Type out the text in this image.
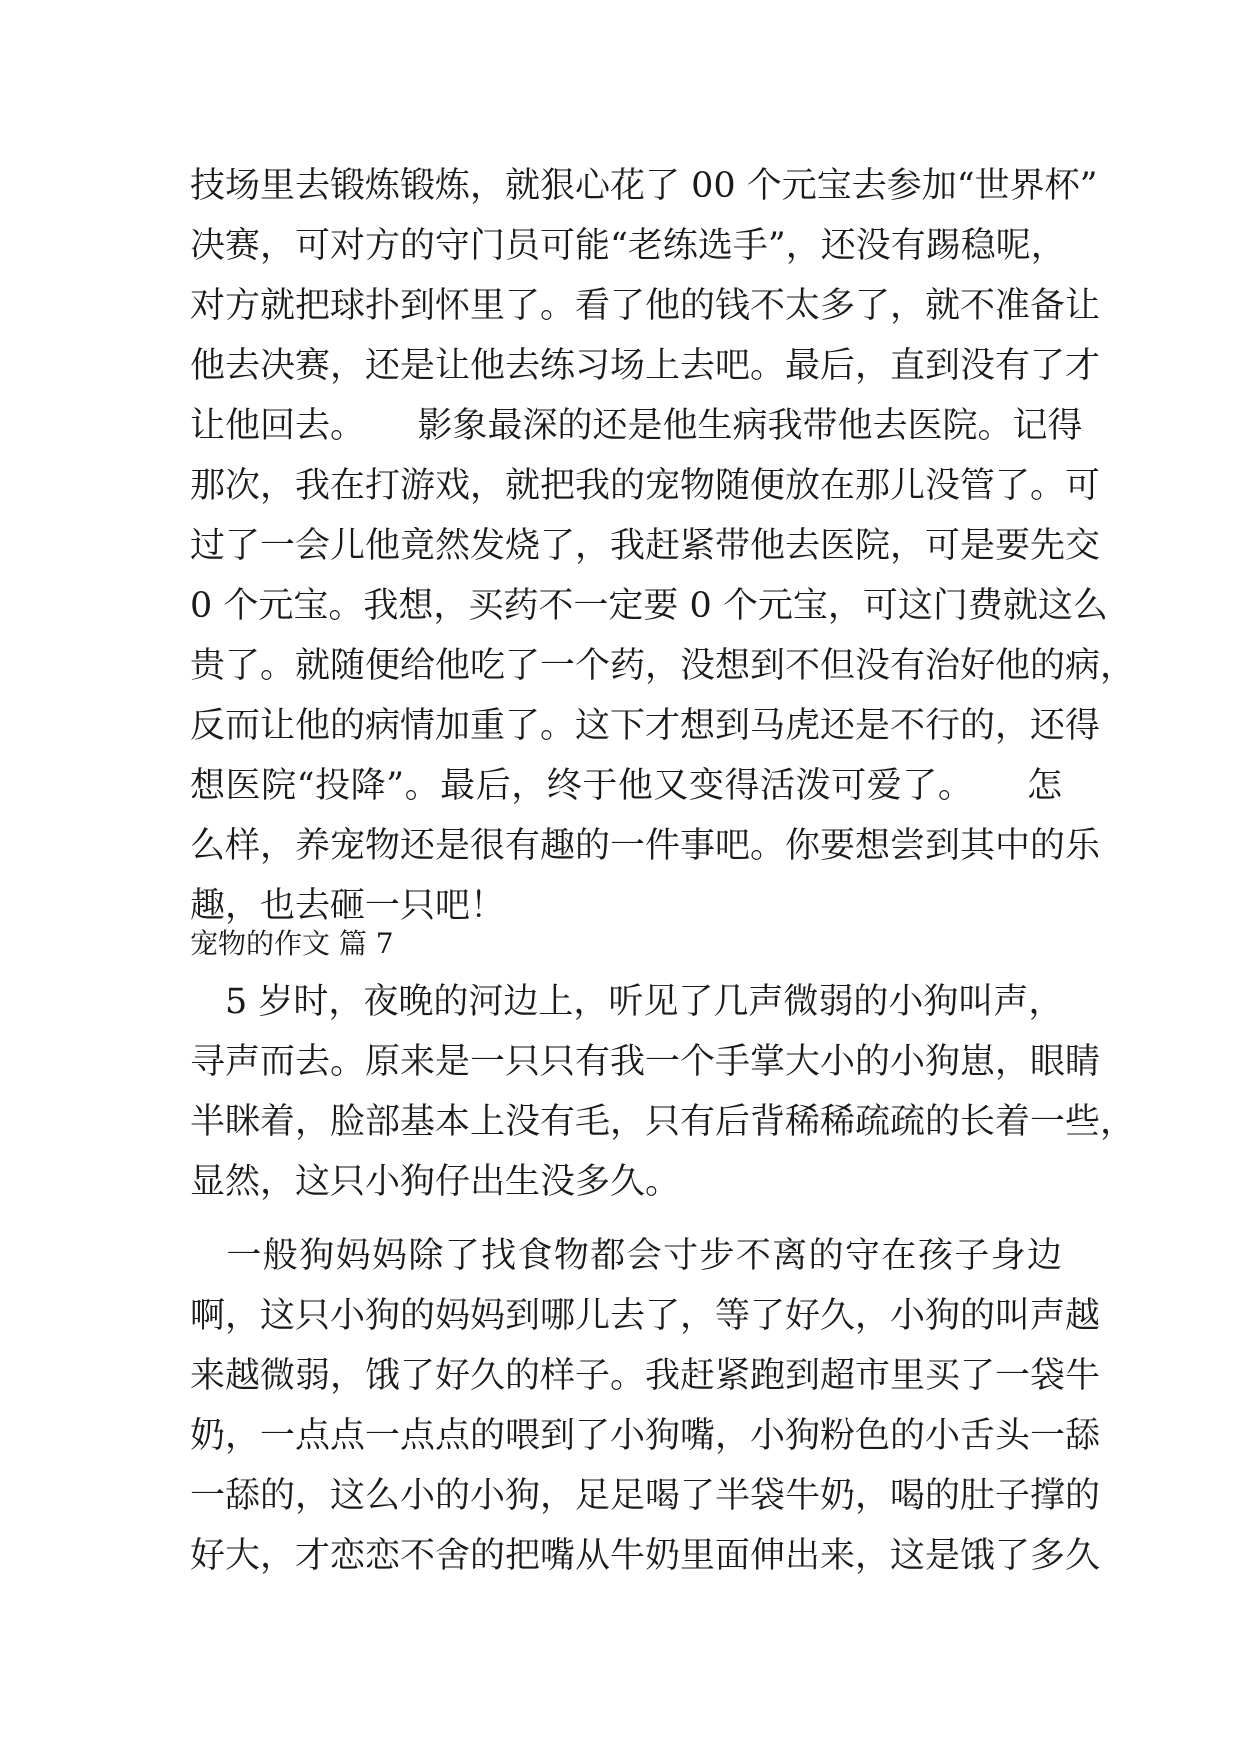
技场里去锻炼锻炼，就狠心花了 00 个元宝去参加“世界杯”
决赛，可对方的守门员可能“老练选手”，还没有踢稳呢，
对方就把球扑到怀里了。看了他的钱不太多了，就不准备让
他去决赛，还是让他去练习场上去吧。最后，直到没有了才
让他回去。　　影象最深的还是他生病我带他去医院。记得
那次，我在打游戏，就把我的宠物随便放在那儿没管了。可
过了一会儿他竟然发烧了，我赶紧带他去医院，可是要先交
0 个元宝。我想，买药不一定要 0 个元宝，可这门费就这么
贵了。就随便给他吃了一个药，没想到不但没有治好他的病，
反而让他的病情加重了。这下才想到马虎还是不行的，还得
想医院“投降”。最后，终于他又变得活泼可爱了。　　怎
么样，养宠物还是很有趣的一件事吧。你要想尝到其中的乐
趣，也去砸一只吧！
宠物的作文 篇 7
　5 岁时，夜晚的河边上，听见了几声微弱的小狗叫声，
寻声而去。原来是一只只有我一个手掌大小的小狗崽，眼睛
半眯着，脸部基本上没有毛，只有后背稀稀疏疏的长着一些，
显然，这只小狗仔出生没多久。
　一般狗妈妈除了找食物都会寸步不离的守在孩子身边
啊，这只小狗的妈妈到哪儿去了，等了好久，小狗的叫声越
来越微弱，饿了好久的样子。我赶紧跑到超市里买了一袋牛
奶，一点点一点点的喂到了小狗嘴，小狗粉色的小舌头一舔
一舔的，这么小的小狗，足足喝了半袋牛奶，喝的肚子撑的
好大，才恋恋不舍的把嘴从牛奶里面伸出来，这是饿了多久
